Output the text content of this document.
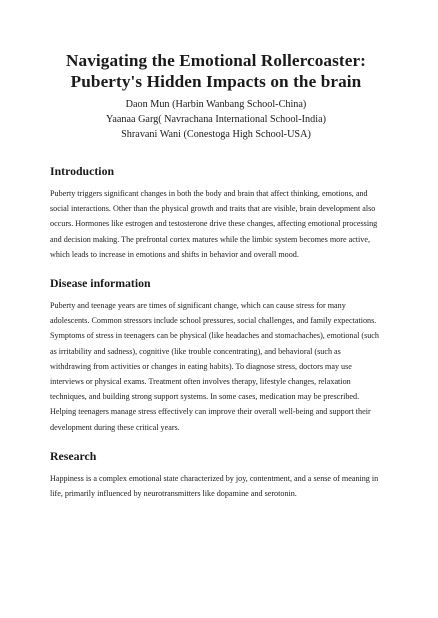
Navigating the Emotional Rollercoaster:
Puberty's Hidden Impacts on the brain
Daon Mun (Harbin Wanbang School-China)
Yaanaa Garg( Navrachana International School-India)
Shravani Wani (Conestoga High School-USA)
Introduction

Puberty triggers significant changes in both the body and brain that affect thinking, emotions, and social interactions. Other than the physical growth and traits that are visible, brain development also occurs. Hormones like estrogen and testosterone drive these changes, affecting emotional processing and decision making. The prefrontal cortex matures while the limbic system becomes more active, which leads to increase in emotions and shifts in behavior and overall mood.

Disease information

Puberty and teenage years are times of significant change, which can cause stress for many adolescents. Common stressors include school pressures, social challenges, and family expectations. Symptoms of stress in teenagers can be physical (like headaches and stomachaches), emotional (such as irritability and sadness), cognitive (like trouble concentrating), and behavioral (such as withdrawing from activities or changes in eating habits). To diagnose stress, doctors may use interviews or physical exams. Treatment often involves therapy, lifestyle changes, relaxation techniques, and building strong support systems. In some cases, medication may be prescribed. Helping teenagers manage stress effectively can improve their overall well-being and support their development during these critical years.

Research

Happiness is a complex emotional state characterized by joy, contentment, and a sense of meaning in life, primarily influenced by neurotransmitters like dopamine and serotonin.
